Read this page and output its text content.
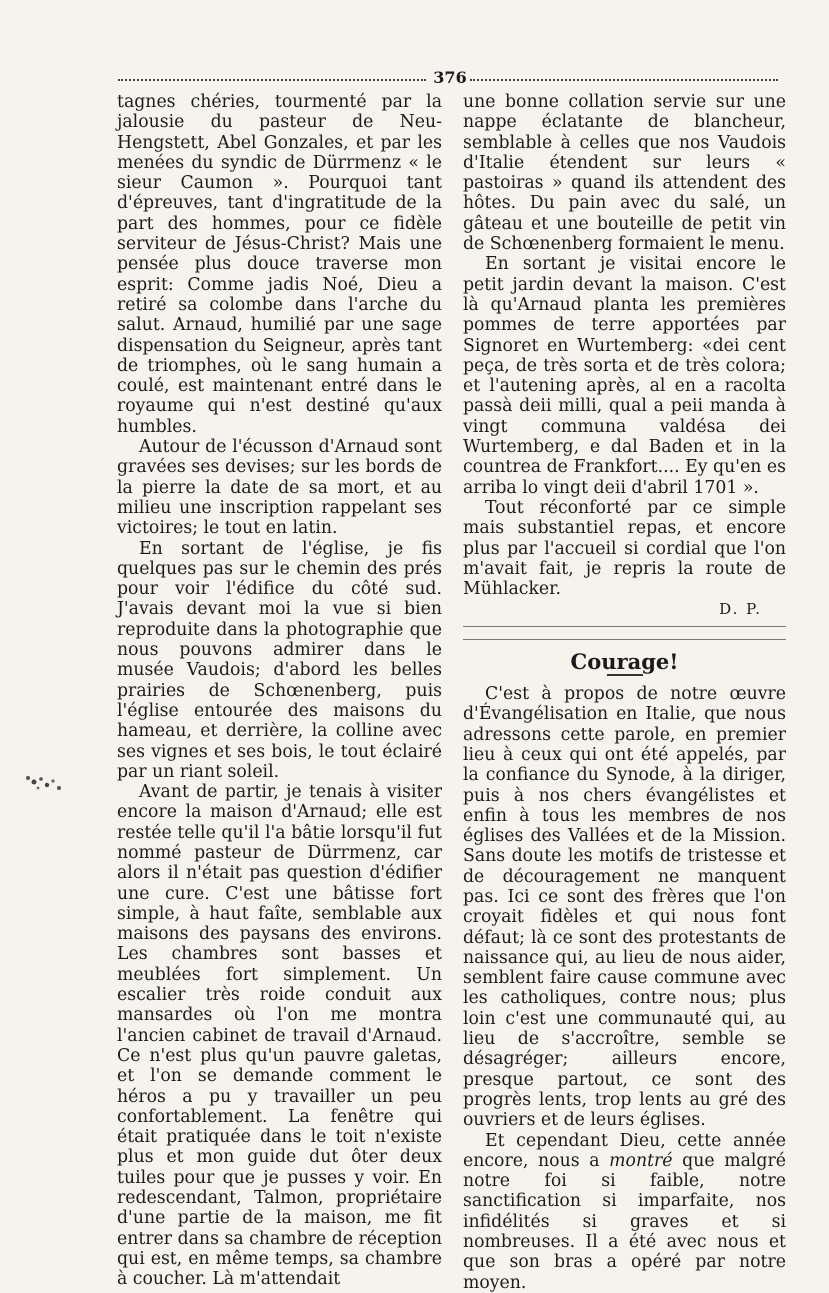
376

tagnes chéries, tourmenté par la jalousie du pasteur de Neu-Hengstett, Abel Gonzales, et par les menées du syndic de Dürrmenz « le sieur Caumon ». Pourquoi tant d'épreuves, tant d'ingratitude de la part des hommes, pour ce fidèle serviteur de Jésus-Christ? Mais une pensée plus douce traverse mon esprit: Comme jadis Noé, Dieu a retiré sa colombe dans l'arche du salut. Arnaud, humilié par une sage dispensation du Seigneur, après tant de triomphes, où le sang humain a coulé, est maintenant entré dans le royaume qui n'est destiné qu'aux humbles.

Autour de l'écusson d'Arnaud sont gravées ses devises; sur les bords de la pierre la date de sa mort, et au milieu une inscription rappelant ses victoires; le tout en latin.

En sortant de l'église, je fis quelques pas sur le chemin des prés pour voir l'édifice du côté sud. J'avais devant moi la vue si bien reproduite dans la photographie que nous pouvons admirer dans le musée Vaudois; d'abord les belles prairies de Schœnenberg, puis l'église entourée des maisons du hameau, et derrière, la colline avec ses vignes et ses bois, le tout éclairé par un riant soleil.

Avant de partir, je tenais à visiter encore la maison d'Arnaud; elle est restée telle qu'il l'a bâtie lorsqu'il fut nommé pasteur de Dürrmenz, car alors il n'était pas question d'édifier une cure. C'est une bâtisse fort simple, à haut faîte, semblable aux maisons des paysans des environs. Les chambres sont basses et meublées fort simplement. Un escalier très roide conduit aux mansardes où l'on me montra l'ancien cabinet de travail d'Arnaud. Ce n'est plus qu'un pauvre galetas, et l'on se demande comment le héros a pu y travailler un peu confortablement. La fenêtre qui était pratiquée dans le toit n'existe plus et mon guide dut ôter deux tuiles pour que je pusses y voir. En redescendant, Talmon, propriétaire d'une partie de la maison, me fit entrer dans sa chambre de réception qui est, en même temps, sa chambre à coucher. Là m'attendait

une bonne collation servie sur une nappe éclatante de blancheur, semblable à celles que nos Vaudois d'Italie étendent sur leurs « pastoiras » quand ils attendent des hôtes. Du pain avec du salé, un gâteau et une bouteille de petit vin de Schœnenberg formaient le menu.

En sortant je visitai encore le petit jardin devant la maison. C'est là qu'Arnaud planta les premières pommes de terre apportées par Signoret en Wurtemberg: «dei cent peça, de très sorta et de très colora; et l'autening après, al en a racolta passà deii milli, qual a peii manda à vingt communa valdésa dei Wurtemberg, e dal Baden et in la countrea de Frankfort.... Ey qu'en es arriba lo vingt deii d'abril 1701 ».

Tout réconforté par ce simple mais substantiel repas, et encore plus par l'accueil si cordial que l'on m'avait fait, je repris la route de Mühlacker.

D. P.
Courage!

C'est à propos de notre œuvre d'Évangélisation en Italie, que nous adressons cette parole, en premier lieu à ceux qui ont été appelés, par la confiance du Synode, à la diriger, puis à nos chers évangélistes et enfin à tous les membres de nos églises des Vallées et de la Mission. Sans doute les motifs de tristesse et de découragement ne manquent pas. Ici ce sont des frères que l'on croyait fidèles et qui nous font défaut; là ce sont des protestants de naissance qui, au lieu de nous aider, semblent faire cause commune avec les catholiques, contre nous; plus loin c'est une communauté qui, au lieu de s'accroître, semble se désagréger; ailleurs encore, presque partout, ce sont des progrès lents, trop lents au gré des ouvriers et de leurs églises.

Et cependant Dieu, cette année encore, nous a montré que malgré notre foi si faible, notre sanctification si imparfaite, nos infidélités si graves et si nombreuses. Il a été avec nous et que son bras a opéré par notre moyen.
